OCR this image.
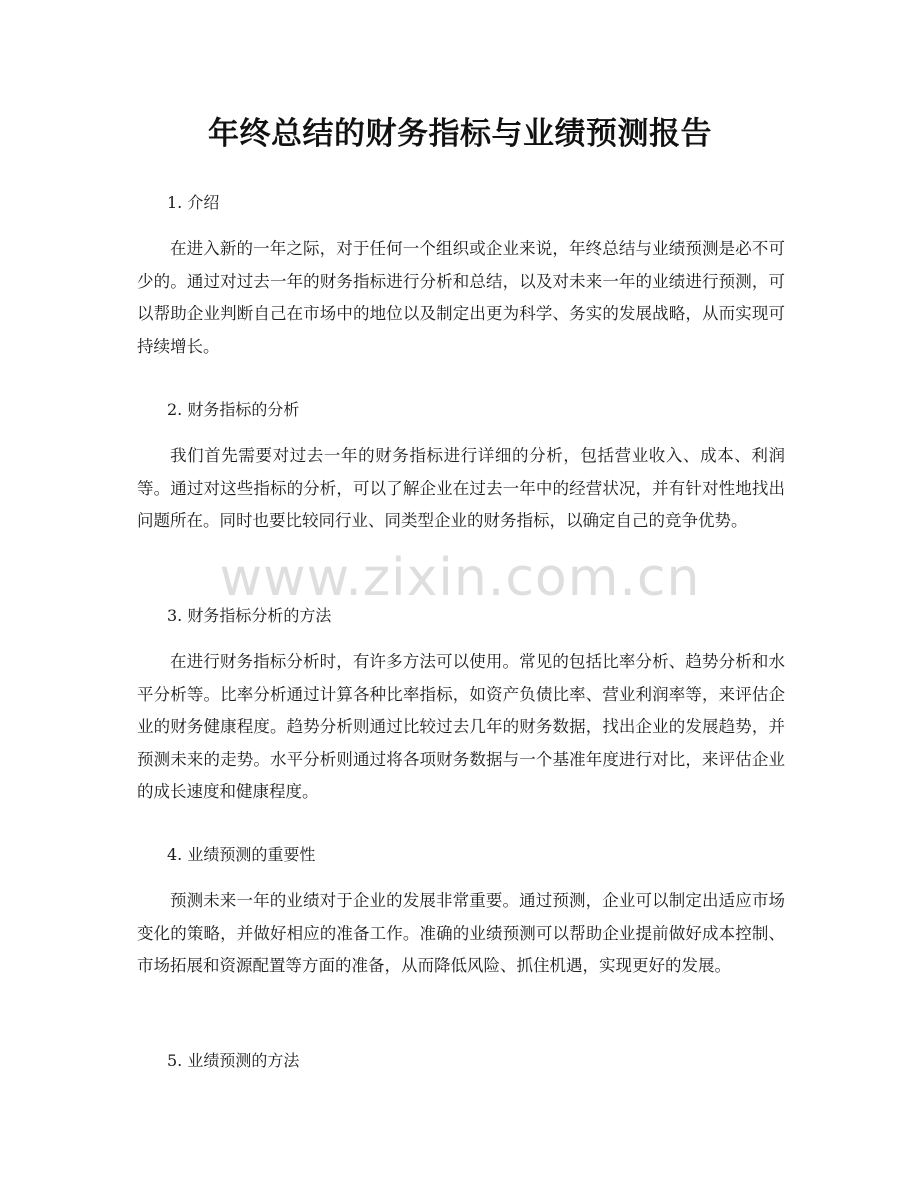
年终总结的财务指标与业绩预测报告

1. 介绍

在进入新的一年之际，对于任何一个组织或企业来说，年终总结与业绩预测是必不可少的。通过对过去一年的财务指标进行分析和总结，以及对未来一年的业绩进行预测，可以帮助企业判断自己在市场中的地位以及制定出更为科学、务实的发展战略，从而实现可持续增长。

2. 财务指标的分析

我们首先需要对过去一年的财务指标进行详细的分析，包括营业收入、成本、利润等。通过对这些指标的分析，可以了解企业在过去一年中的经营状况，并有针对性地找出问题所在。同时也要比较同行业、同类型企业的财务指标，以确定自己的竞争优势。

3. 财务指标分析的方法

在进行财务指标分析时，有许多方法可以使用。常见的包括比率分析、趋势分析和水平分析等。比率分析通过计算各种比率指标，如资产负债比率、营业利润率等，来评估企业的财务健康程度。趋势分析则通过比较过去几年的财务数据，找出企业的发展趋势，并预测未来的走势。水平分析则通过将各项财务数据与一个基准年度进行对比，来评估企业的成长速度和健康程度。

4. 业绩预测的重要性

预测未来一年的业绩对于企业的发展非常重要。通过预测，企业可以制定出适应市场变化的策略，并做好相应的准备工作。准确的业绩预测可以帮助企业提前做好成本控制、市场拓展和资源配置等方面的准备，从而降低风险、抓住机遇，实现更好的发展。

5. 业绩预测的方法

www.zixin.com.cn
